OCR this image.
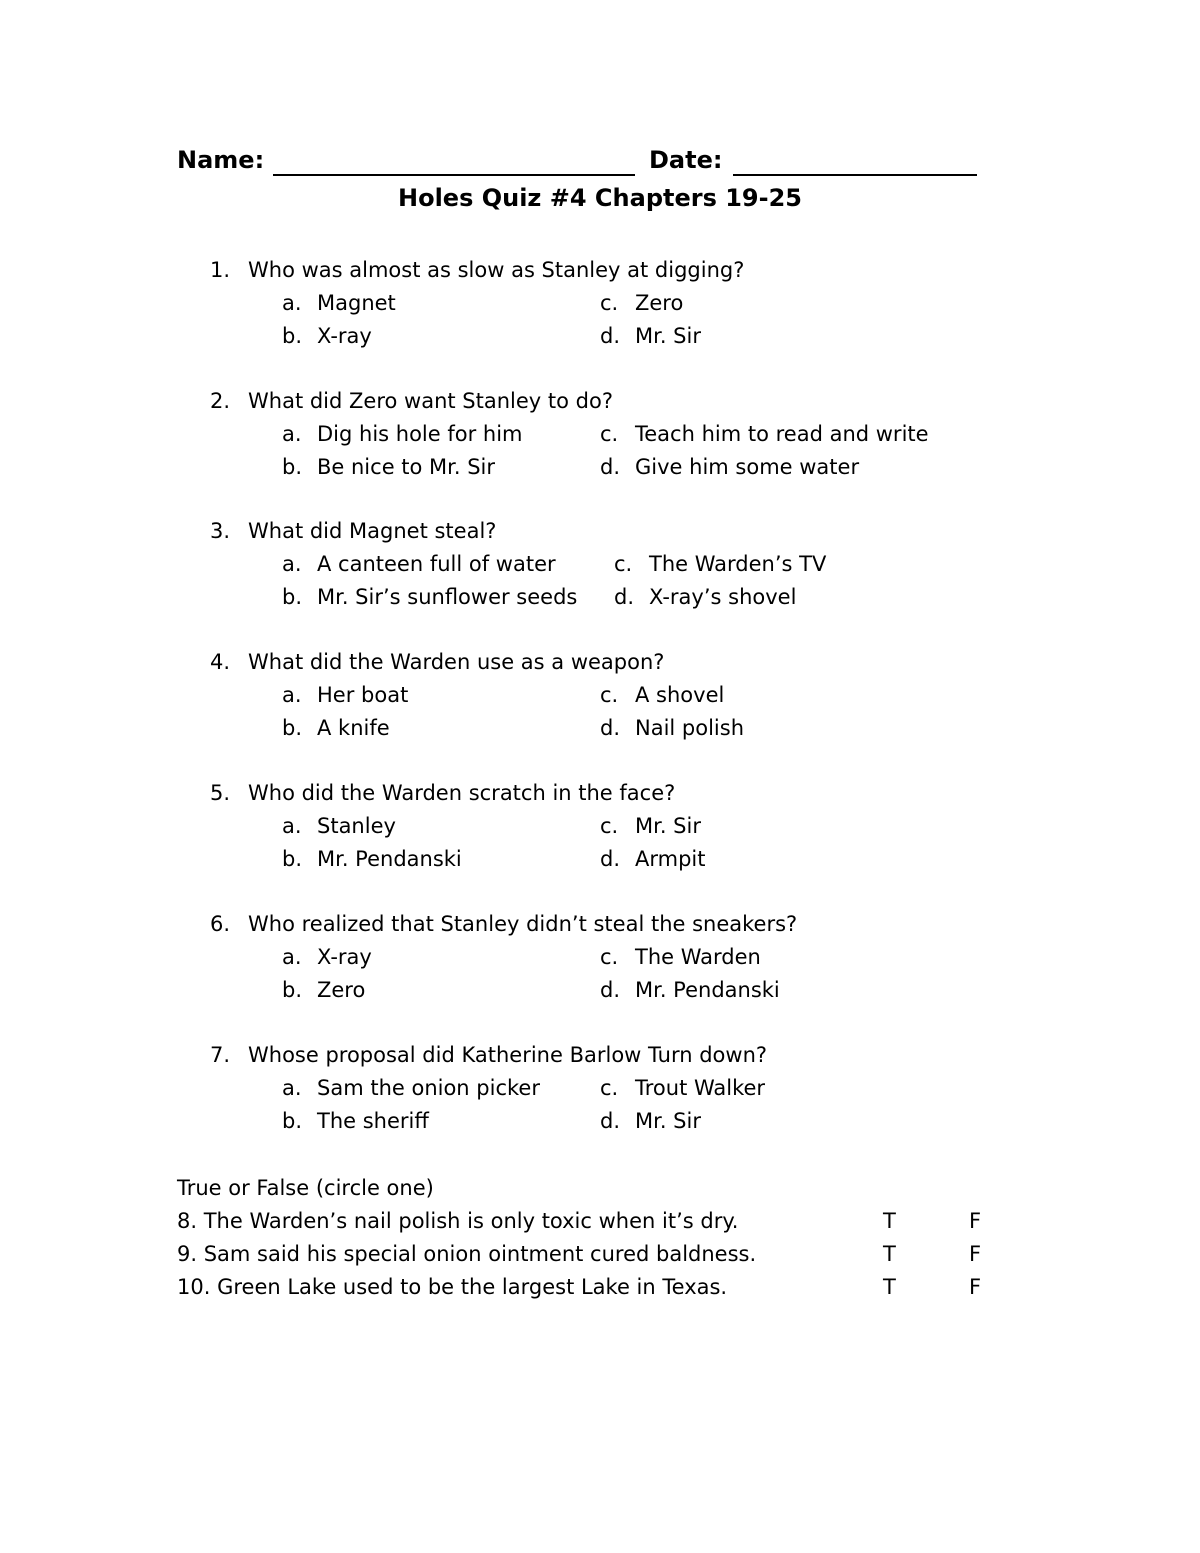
Name:	Date:
Holes Quiz #4 Chapters 19-25
1. Who was almost as slow as Stanley at digging?
a. Magnet	c. Zero
b. X-ray	d. Mr. Sir
2. What did Zero want Stanley to do?
a. Dig his hole for him	c. Teach him to read and write
b. Be nice to Mr. Sir	d. Give him some water
3. What did Magnet steal?
a. A canteen full of water	c. The Warden’s TV
b. Mr. Sir’s sunflower seeds d. X-ray’s shovel
4. What did the Warden use as a weapon?
a. Her boat	c. A shovel
b. A knife	d. Nail polish
5. Who did the Warden scratch in the face?
a. Stanley	c. Mr. Sir
b. Mr. Pendanski	d. Armpit
6. Who realized that Stanley didn’t steal the sneakers?
a. X-ray	c. The Warden
b. Zero	d. Mr. Pendanski
7. Whose proposal did Katherine Barlow Turn down?
a. Sam the onion picker	c. Trout Walker
b. The sheriff	d. Mr. Sir
True or False (circle one)
8. The Warden’s nail polish is only toxic when it’s dry.	T	F
9. Sam said his special onion ointment cured baldness.	T	F
10. Green Lake used to be the largest Lake in Texas.	T	F
